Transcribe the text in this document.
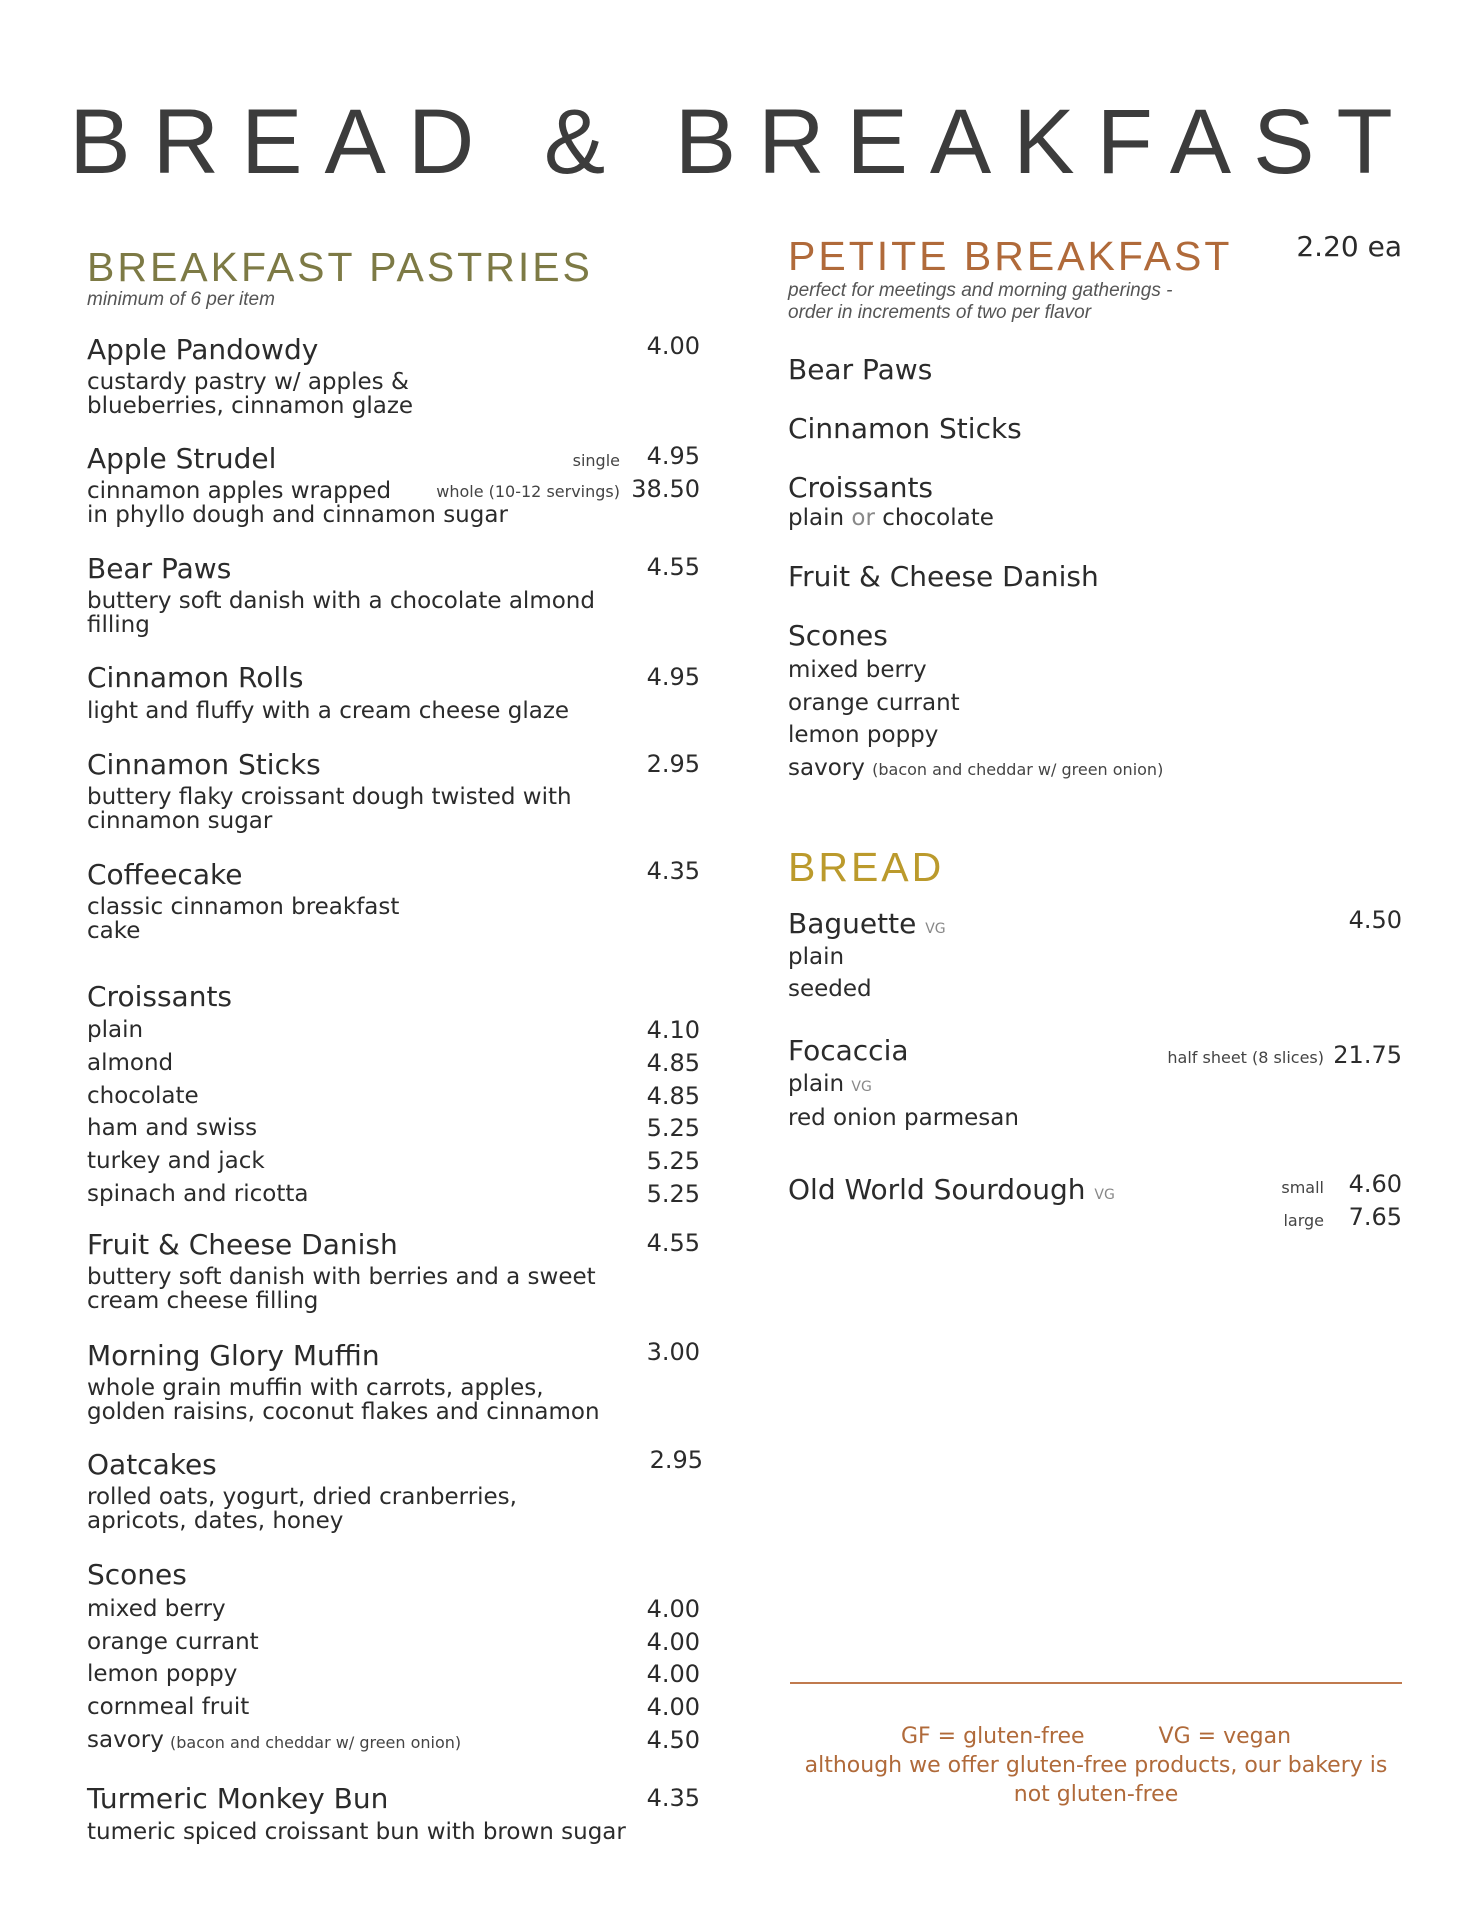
BREAD & BREAKFAST
BREAKFAST PASTRIES
minimum of 6 per item
Apple Pandowdy	4.00
custardy pastry w/ apples &
blueberries, cinnamon glaze
Apple Strudel	single	4.95
whole (10-12 servings) 38.50
cinnamon apples wrapped
in phyllo dough and cinnamon sugar
Bear Paws	4.55
buttery soft danish with a chocolate almond
filling
Cinnamon Rolls	4.95
light and fluffy with a cream cheese glaze
Cinnamon Sticks	2.95
buttery flaky croissant dough twisted with
cinnamon sugar
Coffeecake	4.35
classic cinnamon breakfast
cake
Croissants
plain	4.10
almond	4.85
chocolate	4.85
ham and swiss	5.25
turkey and jack	5.25
spinach and ricotta	5.25
Fruit & Cheese Danish	4.55
buttery soft danish with berries and a sweet
cream cheese filling
Morning Glory Muffin	3.00
whole grain muffin with carrots, apples,
golden raisins, coconut flakes and cinnamon
Oatcakes	2.95
rolled oats, yogurt, dried cranberries,
apricots, dates, honey
Scones
mixed berry	4.00
orange currant	4.00
lemon poppy	4.00
cornmeal fruit	4.00
savory (bacon and cheddar w/ green onion)	4.50
Turmeric Monkey Bun	4.35
tumeric spiced croissant bun with brown sugar
PETITE BREAKFAST	2.20 ea
perfect for meetings and morning gatherings -
order in increments of two per flavor
Bear Paws
Cinnamon Sticks
Croissants
plain or chocolate
Fruit & Cheese Danish
Scones
mixed berry
orange currant
lemon poppy
savory (bacon and cheddar w/ green onion)
BREAD
Baguette VG	4.50
plain
seeded
Focaccia	half sheet (8 slices) 21.75
plain VG
red onion parmesan
Old World Sourdough VG	small	4.60
large	7.65
GF = gluten-free	VG = vegan
although we offer gluten-free products, our bakery is
not gluten-free
